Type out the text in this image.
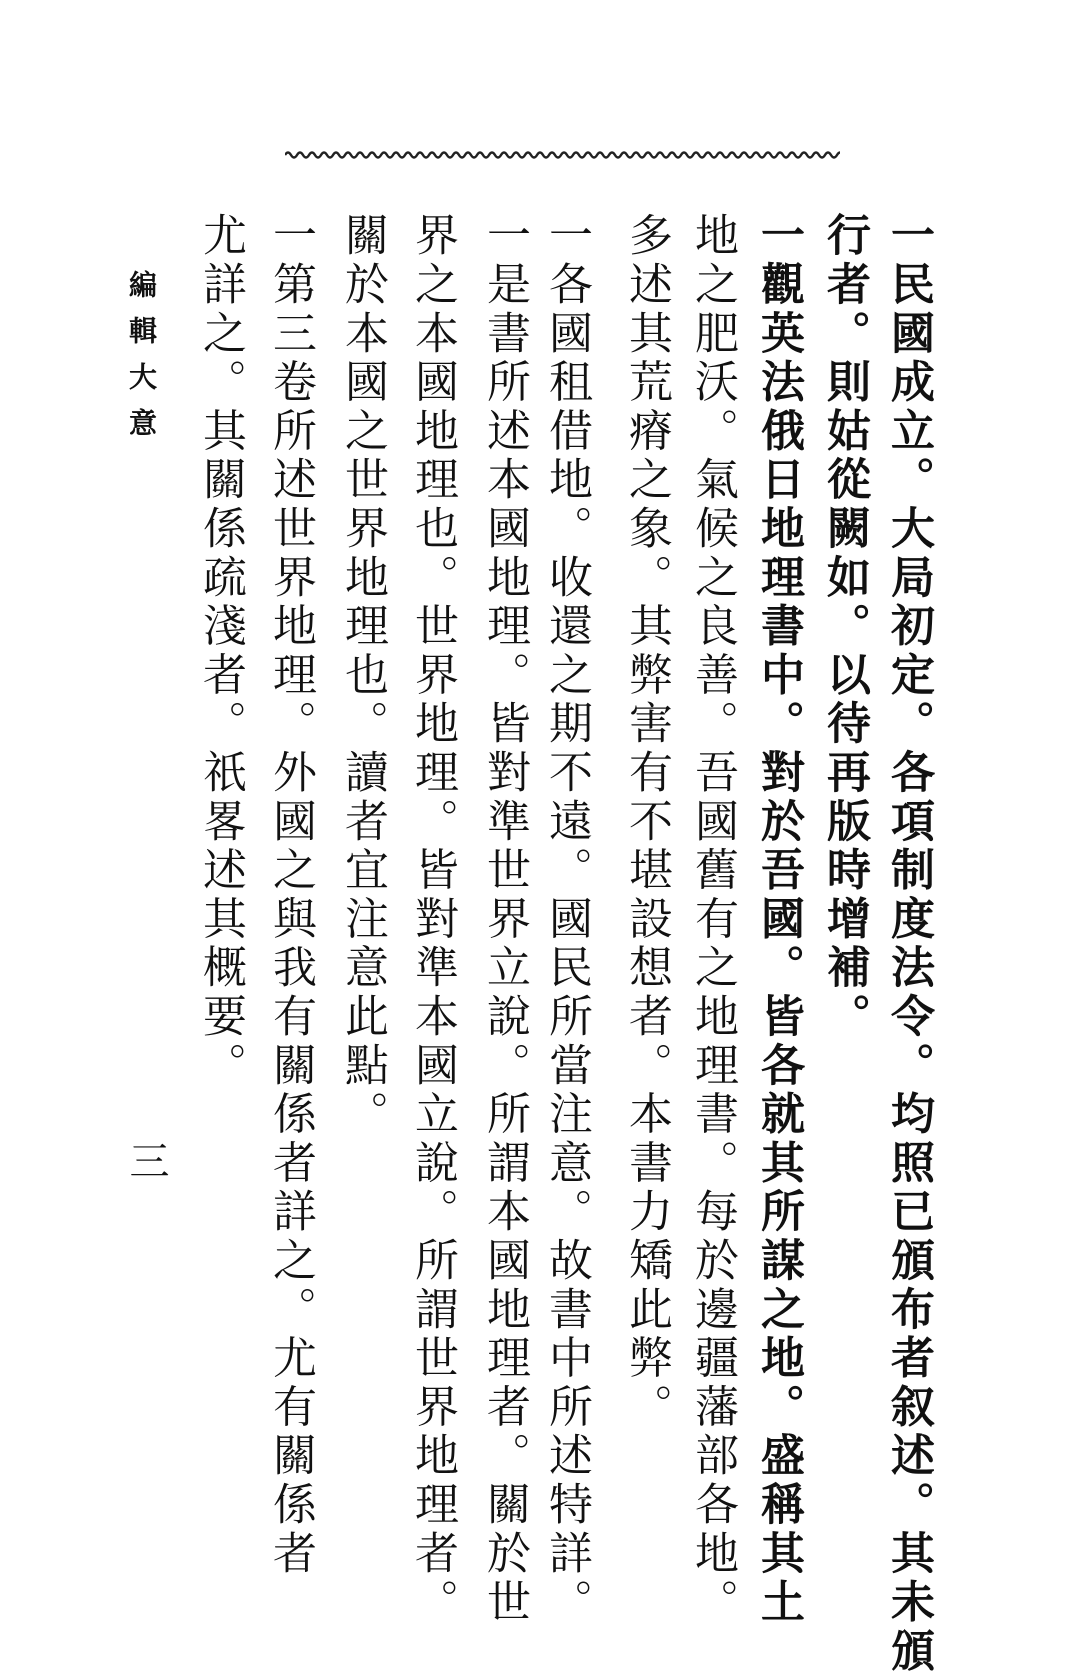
一民國成立。大局初定。各項制度法令。均照已頒布者叙述。其未頒
行者。則姑從闕如。以待再版時增補。
一觀英法俄日地理書中。對於吾國。皆各就其所謀之地。盛稱其土
地之肥沃。氣候之良善。吾國舊有之地理書。每於邊疆藩部各地。
多述其荒瘠之象。其弊害有不堪設想者。本書力矯此弊。
一各國租借地。收還之期不遠。國民所當注意。故書中所述特詳。
一是書所述本國地理。皆對準世界立說。所謂本國地理者。關於世
界之本國地理也。世界地理。皆對準本國立說。所謂世界地理者。
關於本國之世界地理也。讀者宜注意此點。
一第三卷所述世界地理。外國之與我有關係者詳之。尤有關係者
尤詳之。其關係疏淺者。祇畧述其概要。
編輯大意
三
